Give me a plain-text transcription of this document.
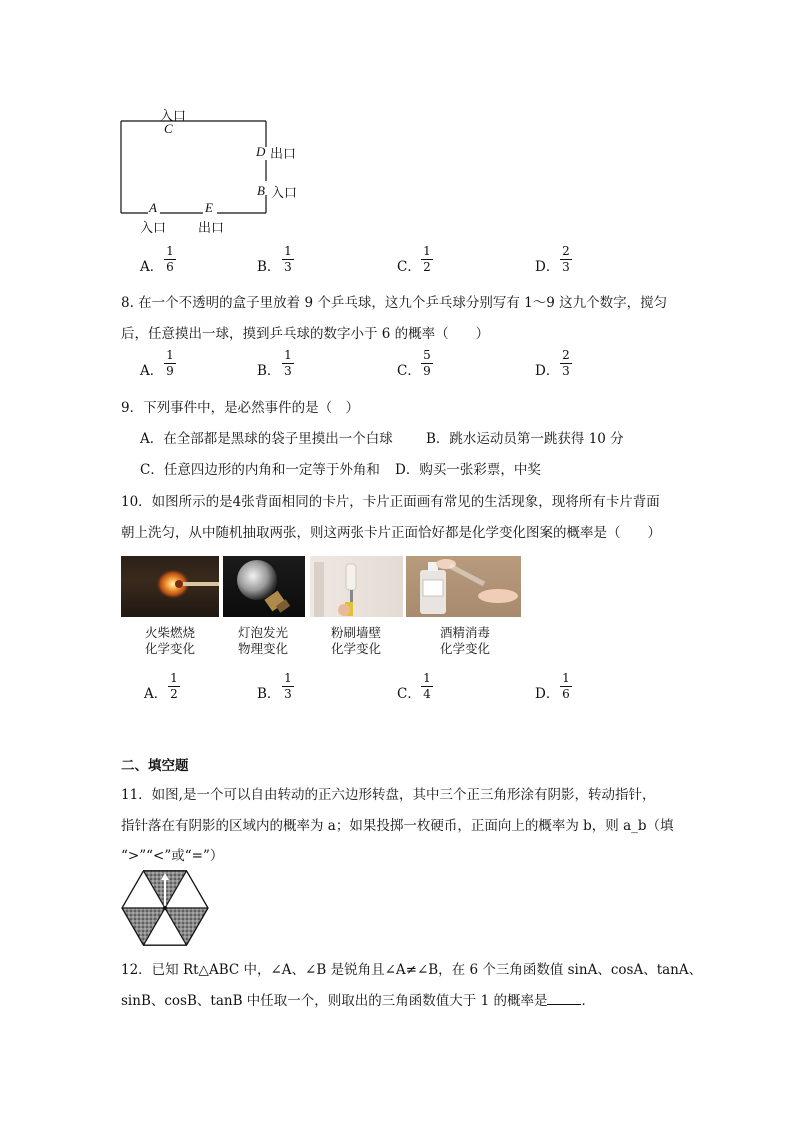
入口
C
D 出口
B 入口
A	E
入口 出口
A．
1
6	B．
1
3	C．
1
2	D．
2
3
8. 在一个不透明的盒子里放着 9 个乒乓球，这九个乒乓球分别写有 1～9 这九个数字，搅匀
后，任意摸出一球，摸到乒乓球的数字小于 6 的概率（　　）
A．
1
9	B．
1
3	C．
5
9	D．
2
3
9．下列事件中，是必然事件的是（　）
A．在全部都是黑球的袋子里摸出一个白球 B．跳水运动员第一跳获得 10 分
C．任意四边形的内角和一定等于外角和 D．购买一张彩票，中奖
10．如图所示的是4张背面相同的卡片，卡片正面画有常见的生活现象，现将所有卡片背面
朝上洗匀，从中随机抽取两张，则这两张卡片正面恰好都是化学变化图案的概率是（　　）
火柴燃烧
化学变化
灯泡发光
物理变化
粉刷墙壁
化学变化
酒精消毒
化学变化
A．
1
2	B．
1
3	C．
1
4	D．
1
6
二、填空题
11．如图,是一个可以自由转动的正六边形转盘，其中三个正三角形涂有阴影，转动指针，
指针落在有阴影的区域内的概率为 a；如果投掷一枚硬币，正面向上的概率为 b，则 a_b（填
“>”“<”或“=”）
12．已知 Rt△ABC 中，∠A、∠B 是锐角且∠A≠∠B，在 6 个三角函数值 sinA、cosA、tanA、
sinB、cosB、tanB 中任取一个，则取出的三角函数值大于 1 的概率是	．
